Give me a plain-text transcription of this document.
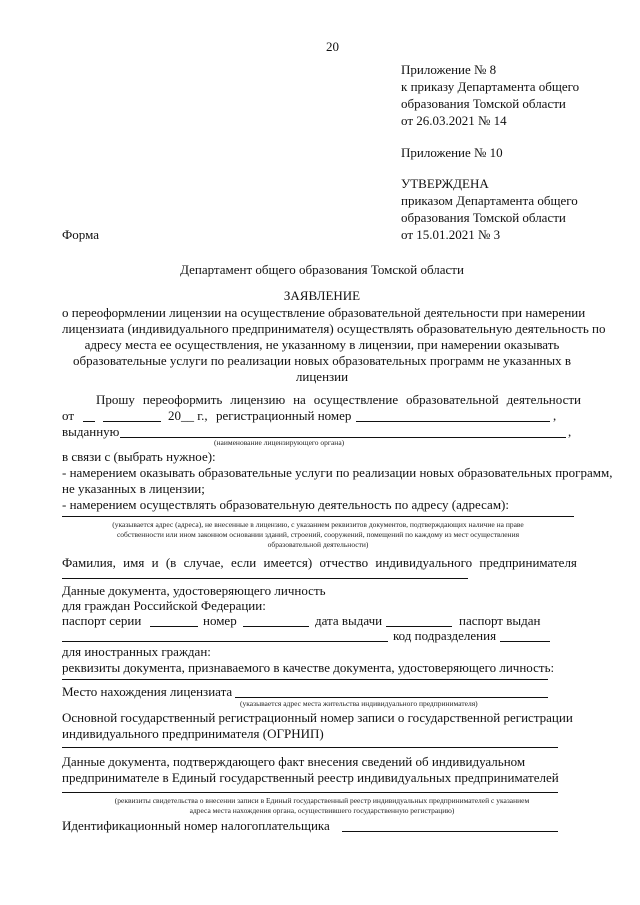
20
Приложение № 8
к приказу Департамента общего
образования Томской области
от 26.03.2021 № 14
Приложение № 10
УТВЕРЖДЕНА
приказом Департамента общего
образования Томской области
от 15.01.2021 № 3
Форма
Департамент общего образования Томской области
ЗАЯВЛЕНИЕ
о переоформлении лицензии на осуществление образовательной деятельности при намерении
лицензиата (индивидуального предпринимателя) осуществлять образовательную деятельность по
адресу места ее осуществления, не указанному в лицензии, при намерении оказывать
образовательные услуги по реализации новых образовательных программ не указанных в
лицензии
Прошу переоформить лицензию на осуществление образовательной деятельности
от	20__ г., регистрационный номер	,
выданную	,
(наименование лицензирующего органа)
в связи с (выбрать нужное):
- намерением оказывать образовательные услуги по реализации новых образовательных программ,
не указанных в лицензии;
- намерением осуществлять образовательную деятельность по адресу (адресам):
(указывается адрес (адреса), не внесенные в лицензию, с указанием реквизитов документов, подтверждающих наличие на праве
собственности или ином законном основании зданий, строений, сооружений, помещений по каждому из мест осуществления
образовательной деятельности)
Фамилия, имя и (в случае, если имеется) отчество индивидуального предпринимателя
Данные документа, удостоверяющего личность
для граждан Российской Федерации:
паспорт серии	номер	дата выдачи	паспорт выдан
код подразделения
для иностранных граждан:
реквизиты документа, признаваемого в качестве документа, удостоверяющего личность:
Место нахождения лицензиата
(указывается адрес места жительства индивидуального предпринимателя)
Основной государственный регистрационный номер записи о государственной регистрации
индивидуального предпринимателя (ОГРНИП)
Данные документа, подтверждающего факт внесения сведений об индивидуальном
предпринимателе в Единый государственный реестр индивидуальных предпринимателей
(реквизиты свидетельства о внесении записи в Единый государственный реестр индивидуальных предпринимателей с указанием
адреса места нахождения органа, осуществившего государственную регистрацию)
Идентификационный номер налогоплательщика
